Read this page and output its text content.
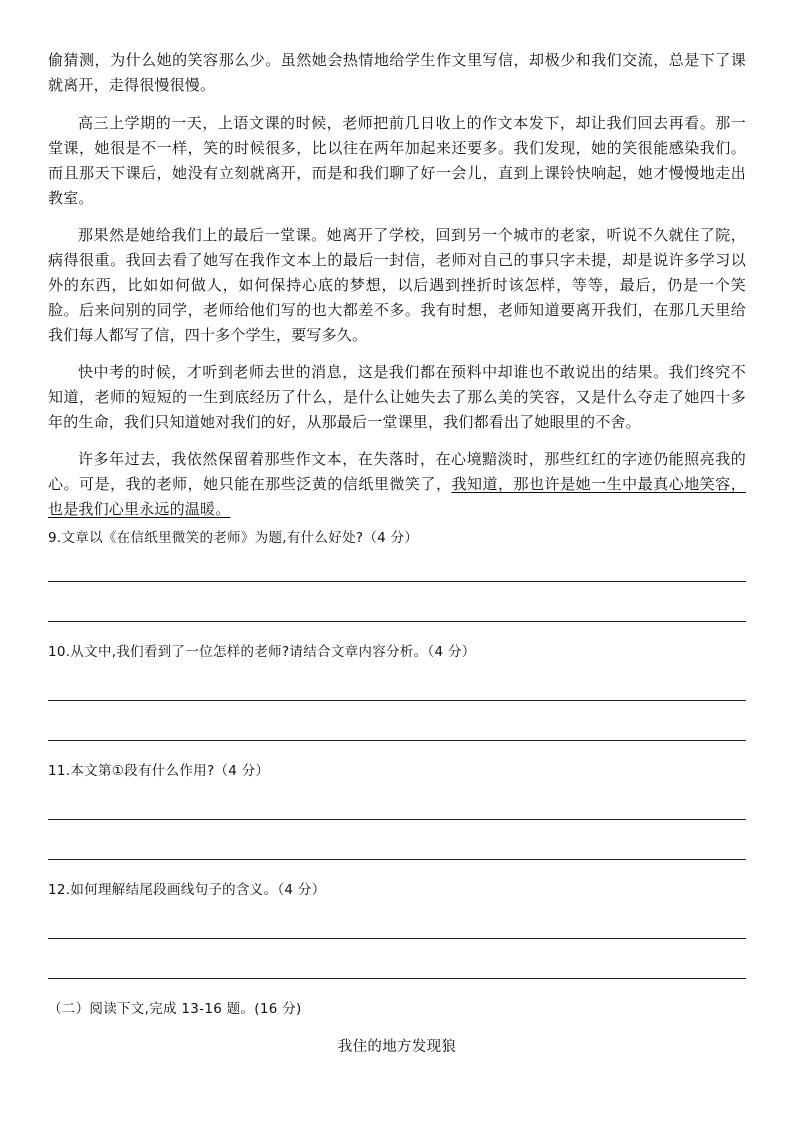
偷猜测，为什么她的笑容那么少。虽然她会热情地给学生作文里写信，却极少和我们交流，总是下了课就离开，走得很慢很慢。

高三上学期的一天，上语文课的时候，老师把前几日收上的作文本发下，却让我们回去再看。那一堂课，她很是不一样，笑的时候很多，比以往在两年加起来还要多。我们发现，她的笑很能感染我们。而且那天下课后，她没有立刻就离开，而是和我们聊了好一会儿，直到上课铃快响起，她才慢慢地走出教室。

那果然是她给我们上的最后一堂课。她离开了学校，回到另一个城市的老家，听说不久就住了院，病得很重。我回去看了她写在我作文本上的最后一封信，老师对自己的事只字未提，却是说许多学习以外的东西，比如如何做人，如何保持心底的梦想，以后遇到挫折时该怎样，等等，最后，仍是一个笑脸。后来问别的同学，老师给他们写的也大都差不多。我有时想，老师知道要离开我们，在那几天里给我们每人都写了信，四十多个学生，要写多久。

快中考的时候，才听到老师去世的消息，这是我们都在预料中却谁也不敢说出的结果。我们终究不知道，老师的短短的一生到底经历了什么，是什么让她失去了那么美的笑容，又是什么夺走了她四十多年的生命，我们只知道她对我们的好，从那最后一堂课里，我们都看出了她眼里的不舍。

许多年过去，我依然保留着那些作文本，在失落时，在心境黯淡时，那些红红的字迹仍能照亮我的心。可是，我的老师，她只能在那些泛黄的信纸里微笑了，我知道，那也许是她一生中最真心地笑容，也是我们心里永远的温暖。

9.文章以《在信纸里微笑的老师》为题,有什么好处?（4 分）

10.从文中,我们看到了一位怎样的老师?请结合文章内容分析。（4 分）

11.本文第①段有什么作用?（4 分）

12.如何理解结尾段画线句子的含义。（4 分）

（二）阅读下文,完成 13-16 题。(16 分)

我住的地方发现狼
